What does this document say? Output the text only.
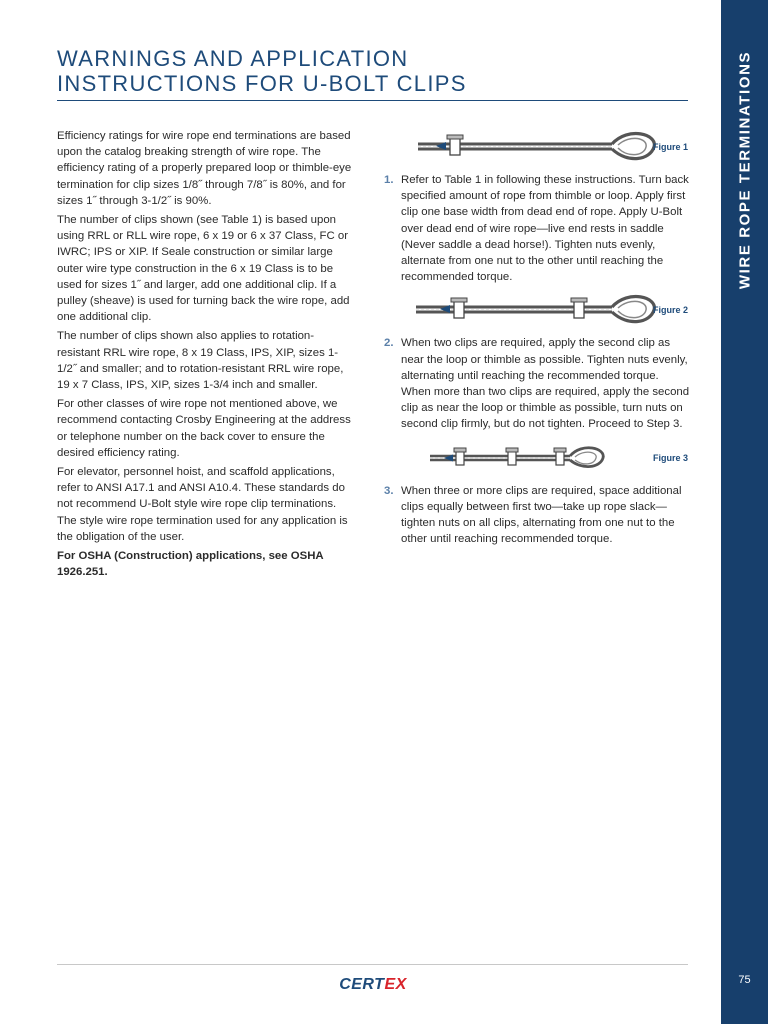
WIRE ROPE TERMINATIONS
75
WARNINGS AND APPLICATION
INSTRUCTIONS FOR U-BOLT CLIPS

Efficiency ratings for wire rope end terminations are based upon the catalog breaking strength of wire rope. The efficiency rating of a properly prepared loop or thimble-eye termination for clip sizes 1/8˝ through 7/8˝ is 80%, and for sizes 1˝ through 3-1/2˝ is 90%.

The number of clips shown (see Table 1) is based upon using RRL or RLL wire rope, 6 x 19 or 6 x 37 Class, FC or IWRC; IPS or XIP. If Seale construction or similar large outer wire type construction in the 6 x 19 Class is to be used for sizes 1˝ and larger, add one additional clip. If a pulley (sheave) is used for turning back the wire rope, add one additional clip.

The number of clips shown also applies to rotation-resistant RRL wire rope, 8 x 19 Class, IPS, XIP, sizes 1-1/2˝ and smaller; and to rotation-resistant RRL wire rope, 19 x 7 Class, IPS, XIP, sizes 1-3/4 inch and smaller.

For other classes of wire rope not mentioned above, we recommend contacting Crosby Engineering at the address or telephone number on the back cover to ensure the desired efficiency rating.

For elevator, personnel hoist, and scaffold applications, refer to ANSI A17.1 and ANSI A10.4. These standards do not recommend U-Bolt style wire rope clip terminations. The style wire rope termination used for any application is the obligation of the user.

For OSHA (Construction) applications, see OSHA 1926.251.

Figure 1
1. Refer to Table 1 in following these instructions. Turn back specified amount of rope from thimble or loop. Apply first clip one base width from dead end of rope. Apply U-Bolt over dead end of wire rope—live end rests in saddle (Never saddle a dead horse!). Tighten nuts evenly, alternate from one nut to the other until reaching the recommended torque.
Figure 2
2. When two clips are required, apply the second clip as near the loop or thimble as possible. Tighten nuts evenly, alternating until reaching the recommended torque. When more than two clips are required, apply the second clip as near the loop or thimble as possible, turn nuts on second clip firmly, but do not tighten. Proceed to Step 3.
Figure 3
3. When three or more clips are required, space additional clips equally between first two—take up rope slack—tighten nuts on all clips, alternating from one nut to the other until reaching recommended torque.
CERTEX
